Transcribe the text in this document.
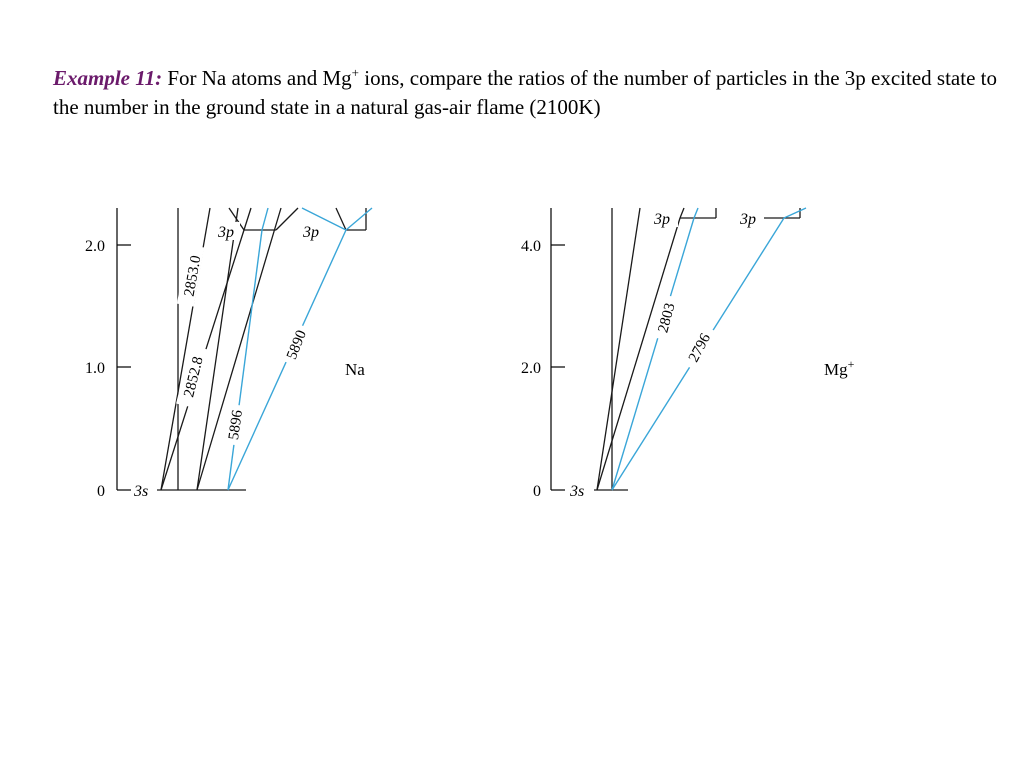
Example 11: For Na atoms and Mg+ ions, compare the ratios of the number of particles in the 3p excited state to the number in the ground state in a natural gas-air flame (2100K)
2.0
1.0
0 3s
3p	3p
2853.0
2852.8
5896
5890
Na
4.0
2.0
0 3s
3p	3p
2803
2796
Mg+
